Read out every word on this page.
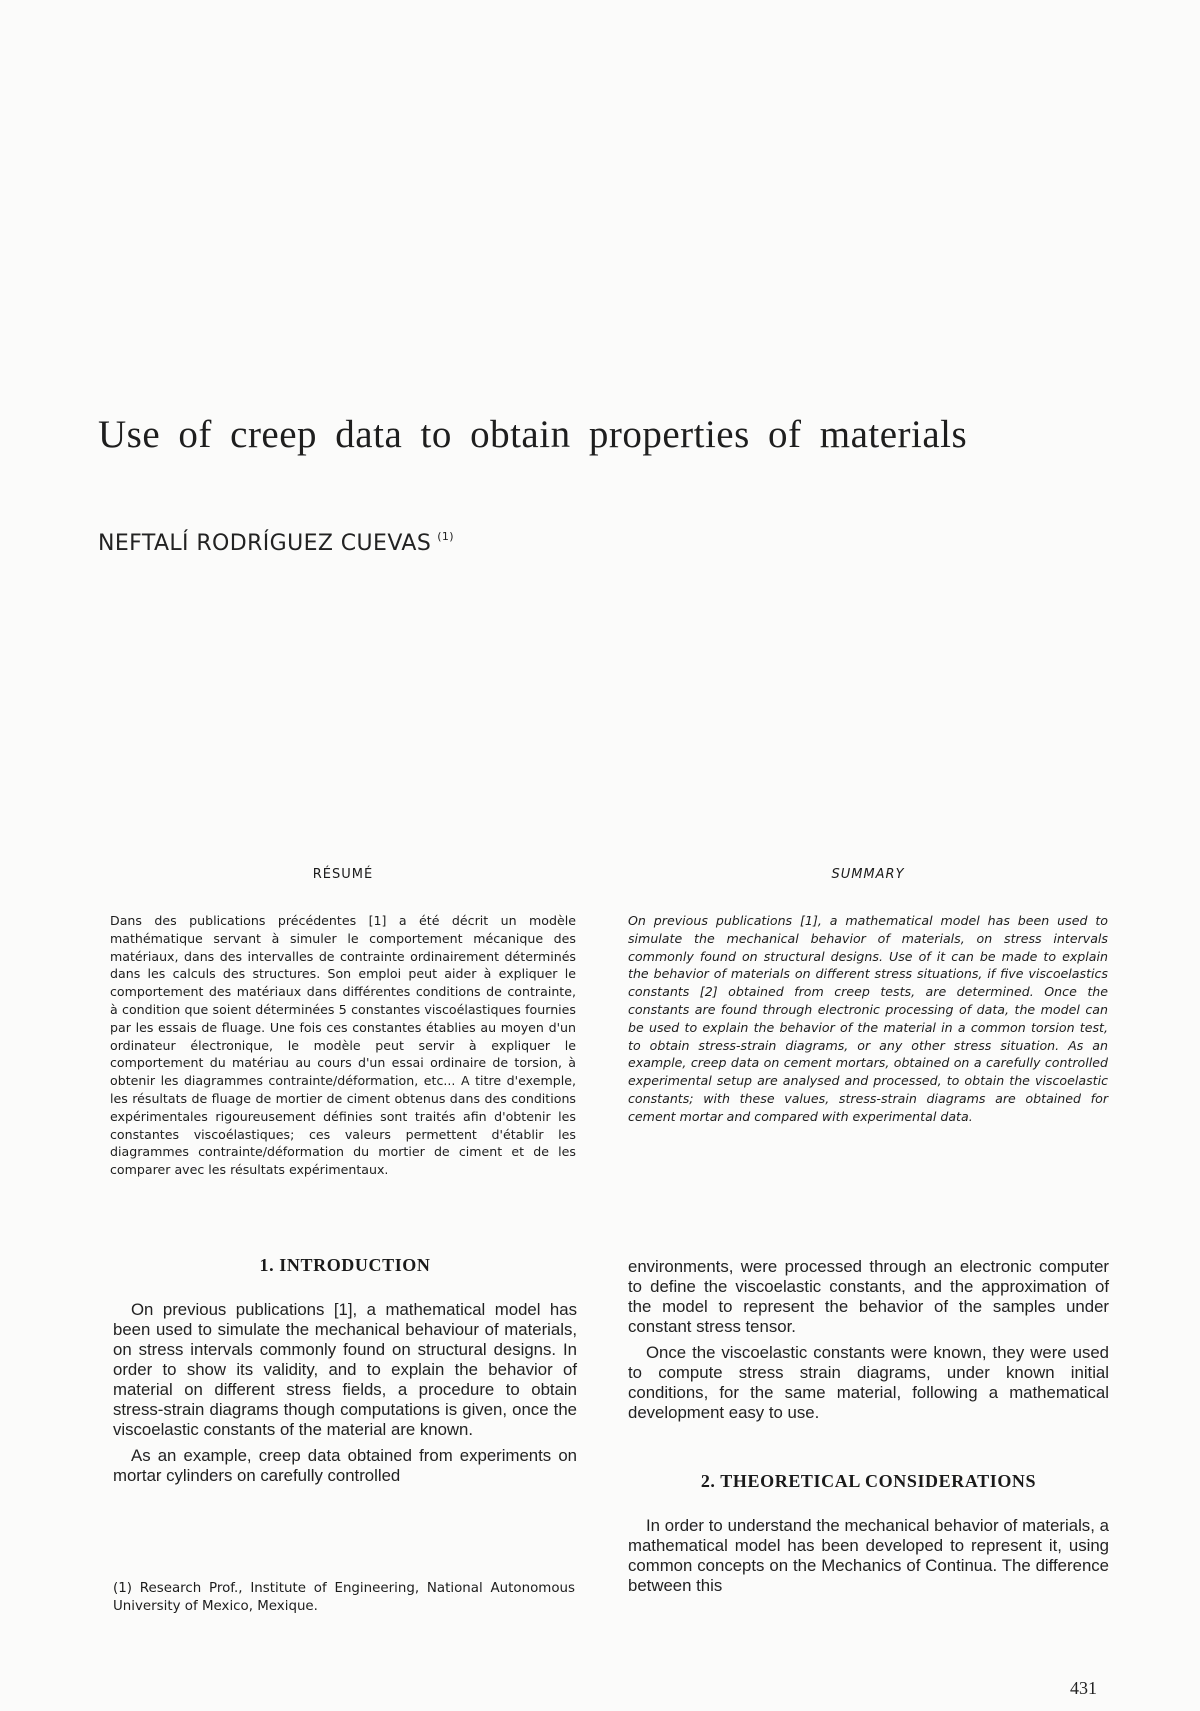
Use of creep data to obtain properties of materials
NEFTALÍ RODRÍGUEZ CUEVAS $^{(1)}$
RÉSUMÉ	SUMMARY
Dans des publications précédentes [1] a été décrit un modèle mathématique servant à simuler le comportement mécanique des matériaux, dans des intervalles de contrainte ordinairement déterminés dans les calculs des structures. Son emploi peut aider à expliquer le comportement des matériaux dans différentes conditions de contrainte, à condition que soient déterminées 5 constantes viscoélastiques fournies par les essais de fluage. Une fois ces constantes établies au moyen d'un ordinateur électronique, le modèle peut servir à expliquer le comportement du matériau au cours d'un essai ordinaire de torsion, à obtenir les diagrammes contrainte/déformation, etc... A titre d'exemple, les résultats de fluage de mortier de ciment obtenus dans des conditions expérimentales rigoureusement définies sont traités afin d'obtenir les constantes viscoélastiques; ces valeurs permettent d'établir les diagrammes contrainte/déformation du mortier de ciment et de les comparer avec les résultats expérimentaux.
On previous publications [1], a mathematical model has been used to simulate the mechanical behavior of materials, on stress intervals commonly found on structural designs. Use of it can be made to explain the behavior of materials on different stress situations, if five viscoelastics constants [2] obtained from creep tests, are determined. Once the constants are found through electronic processing of data, the model can be used to explain the behavior of the material in a common torsion test, to obtain stress-strain diagrams, or any other stress situation. As an example, creep data on cement mortars, obtained on a carefully controlled experimental setup are analysed and processed, to obtain the viscoelastic constants; with these values, stress-strain diagrams are obtained for cement mortar and compared with experimental data.
1. INTRODUCTION

On previous publications [1], a mathematical model has been used to simulate the mechanical behaviour of materials, on stress intervals commonly found on structural designs. In order to show its validity, and to explain the behavior of material on different stress fields, a procedure to obtain stress-strain diagrams though computations is given, once the viscoelastic constants of the material are known.

As an example, creep data obtained from experiments on mortar cylinders on carefully controlled

(1) Research Prof., Institute of Engineering, National Autonomous University of Mexico, Mexique.

environments, were processed through an electronic computer to define the viscoelastic constants, and the approximation of the model to represent the behavior of the samples under constant stress tensor.

Once the viscoelastic constants were known, they were used to compute stress strain diagrams, under known initial conditions, for the same material, following a mathematical development easy to use.

2. THEORETICAL CONSIDERATIONS

In order to understand the mechanical behavior of materials, a mathematical model has been developed to represent it, using common concepts on the Mechanics of Continua. The difference between this

431
